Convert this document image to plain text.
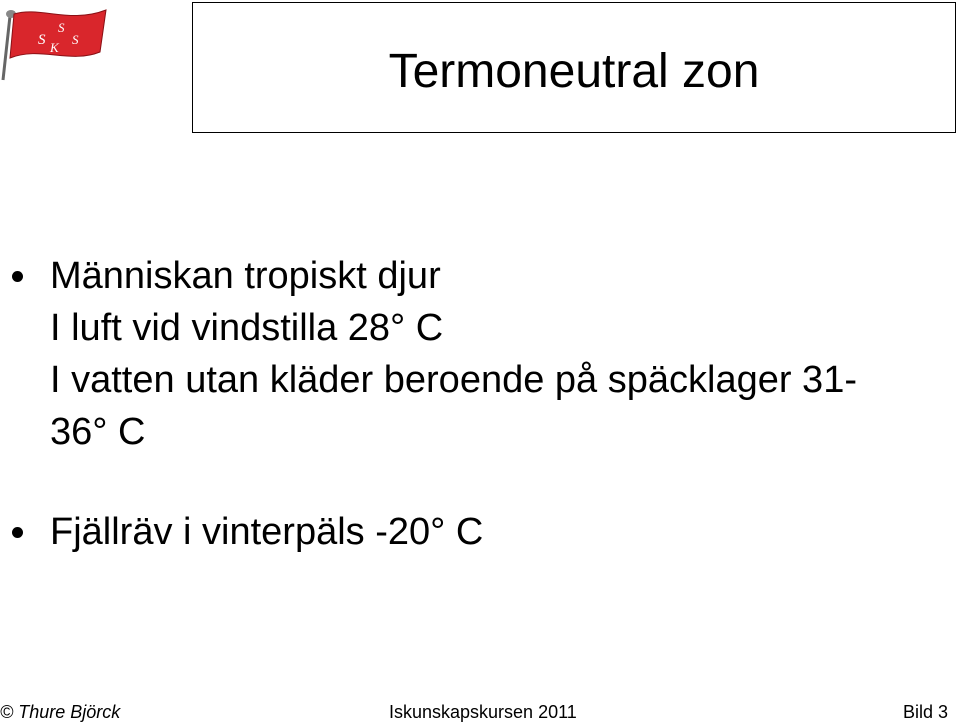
S
S K
S
Termoneutral zon
Människan tropiskt djur
I luft vid vindstilla 28° C
I vatten utan kläder beroende på späcklager 31-
36° C
Fjällräv i vinterpäls -20° C
© Thure Björck	Iskunskapskursen 2011	Bild 3
